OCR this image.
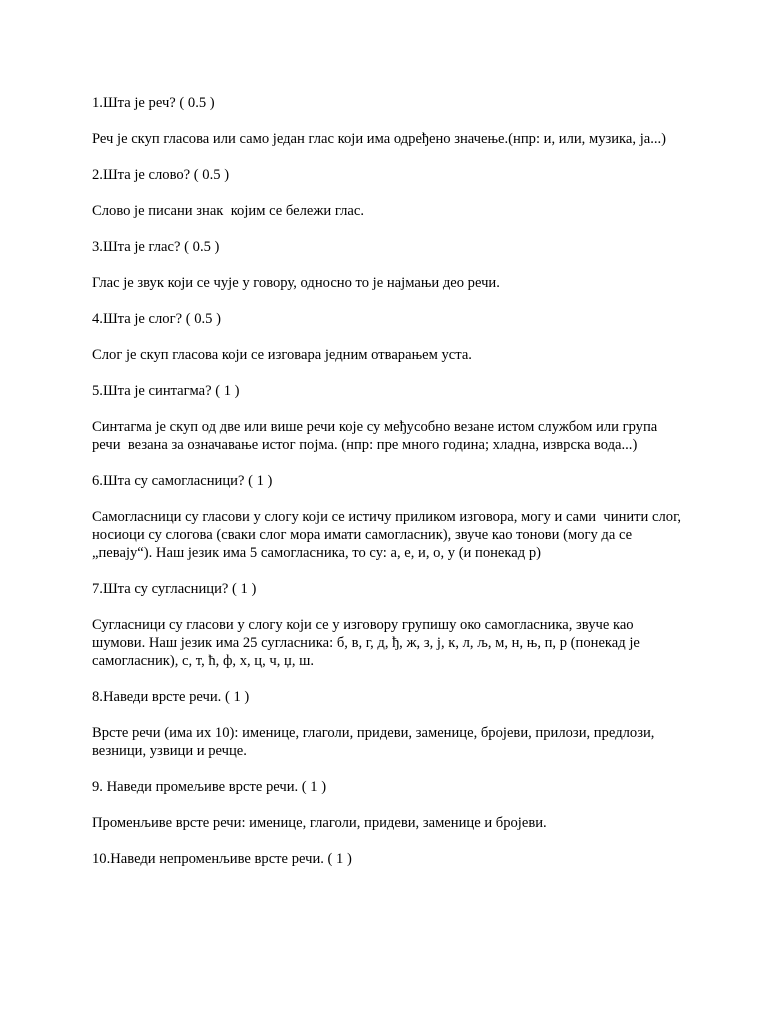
1.Шта је реч? ( 0.5 )

Реч је скуп гласова или само један глас који има одређено значење.(нпр: и, или, музика, ја...)

2.Шта је слово? ( 0.5 )

Слово је писани знак  којим се бележи глас.

3.Шта је глас? ( 0.5 )

Глас је звук који се чује у говору, односно то је најмањи део речи.

4.Шта је слог? ( 0.5 )

Слог је скуп гласова који се изговара једним отварањем уста.

5.Шта је синтагма? ( 1 )

Синтагма је скуп од две или више речи које су међусобно везане истом службом или група речи  везана за означавање истог појма. (нпр: пре много година; хладна, изврска вода...)

6.Шта су самогласници? ( 1 )

Самогласници су гласови у слогу који се истичу приликом изговора, могу и сами  чинити слог, носиоци су слогова (сваки слог мора имати самогласник), звуче као тонови (могу да се „певају“). Наш језик има 5 самогласника, то су: а, е, и, о, у (и понекад р)

7.Шта су сугласници? ( 1 )

Сугласници су гласови у слогу који се у изговору групишу око самогласника, звуче као шумови. Наш језик има 25 сугласника: б, в, г, д, ђ, ж, з, ј, к, л, љ, м, н, њ, п, р (понекад је самогласник), с, т, ћ, ф, х, ц, ч, џ, ш.

8.Наведи врсте речи. ( 1 )

Врсте речи (има их 10): именице, глаголи, придеви, заменице, бројеви, прилози, предлози, везници, узвици и речце.

9. Наведи промељиве врсте речи. ( 1 )

Променљиве врсте речи: именице, глаголи, придеви, заменице и бројеви.

10.Наведи непроменљиве врсте речи. ( 1 )
